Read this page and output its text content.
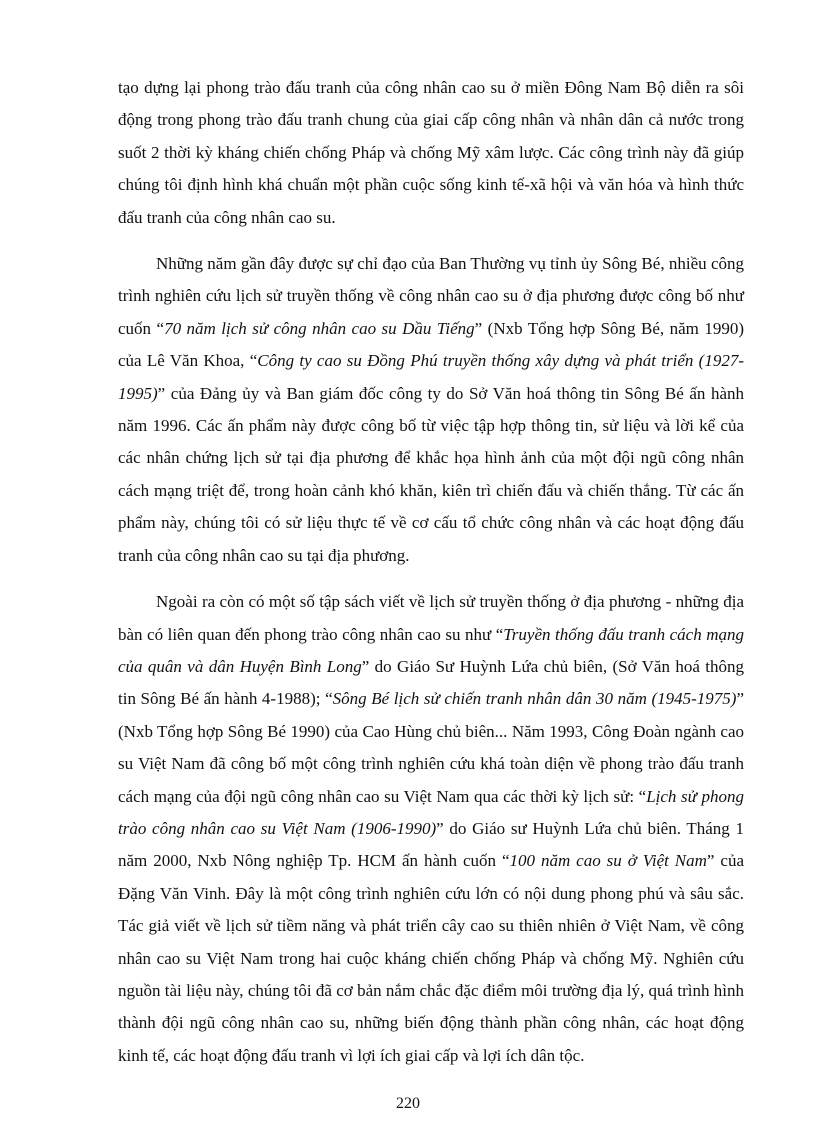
tạo dựng lại phong trào đấu tranh của công nhân cao su ở miền Đông Nam Bộ diễn ra sôi động trong phong trào đấu tranh chung của giai cấp công nhân và nhân dân cả nước trong suốt 2 thời kỳ kháng chiến chống Pháp và chống Mỹ xâm lược. Các công trình này đã giúp chúng tôi định hình khá chuẩn một phần cuộc sống kinh tế-xã hội và văn hóa và hình thức đấu tranh của công nhân cao su.

Những năm gần đây được sự chỉ đạo của Ban Thường vụ tỉnh ủy Sông Bé, nhiều công trình nghiên cứu lịch sử truyền thống về công nhân cao su ở địa phương được công bố như cuốn “70 năm lịch sử công nhân cao su Dầu Tiếng” (Nxb Tổng hợp Sông Bé, năm 1990) của Lê Văn Khoa, “Công ty cao su Đồng Phú truyền thống xây dựng và phát triển (1927-1995)” của Đảng ủy và Ban giám đốc công ty do Sở Văn hoá thông tin Sông Bé ấn hành năm 1996. Các ấn phẩm này được công bố từ việc tập hợp thông tin, sử liệu và lời kể của các nhân chứng lịch sử tại địa phương để khắc họa hình ảnh của một đội ngũ công nhân cách mạng triệt để, trong hoàn cảnh khó khăn, kiên trì chiến đấu và chiến thắng. Từ các ấn phẩm này, chúng tôi có sử liệu thực tế về cơ cấu tổ chức công nhân và các hoạt động đấu tranh của công nhân cao su tại địa phương.

Ngoài ra còn có một số tập sách viết về lịch sử truyền thống ở địa phương - những địa bàn có liên quan đến phong trào công nhân cao su như “Truyền thống đấu tranh cách mạng của quân và dân Huyện Bình Long” do Giáo Sư Huỳnh Lứa chủ biên, (Sở Văn hoá thông tin Sông Bé ấn hành 4-1988); “Sông Bé lịch sử chiến tranh nhân dân 30 năm (1945-1975)” (Nxb Tổng hợp Sông Bé 1990) của Cao Hùng chủ biên... Năm 1993, Công Đoàn ngành cao su Việt Nam đã công bố một công trình nghiên cứu khá toàn diện về phong trào đấu tranh cách mạng của đội ngũ công nhân cao su Việt Nam qua các thời kỳ lịch sử: “Lịch sử phong trào công nhân cao su Việt Nam (1906-1990)” do Giáo sư Huỳnh Lứa chủ biên. Tháng 1 năm 2000, Nxb Nông nghiệp Tp. HCM ấn hành cuốn “100 năm cao su ở Việt Nam” của Đặng Văn Vinh. Đây là một công trình nghiên cứu lớn có nội dung phong phú và sâu sắc. Tác giả viết về lịch sử tiềm năng và phát triển cây cao su thiên nhiên ở Việt Nam, về công nhân cao su Việt Nam trong hai cuộc kháng chiến chống Pháp và chống Mỹ. Nghiên cứu nguồn tài liệu này, chúng tôi đã cơ bản nắm chắc đặc điểm môi trường địa lý, quá trình hình thành đội ngũ công nhân cao su, những biến động thành phần công nhân, các hoạt động kinh tế, các hoạt động đấu tranh vì lợi ích giai cấp và lợi ích dân tộc.

220
